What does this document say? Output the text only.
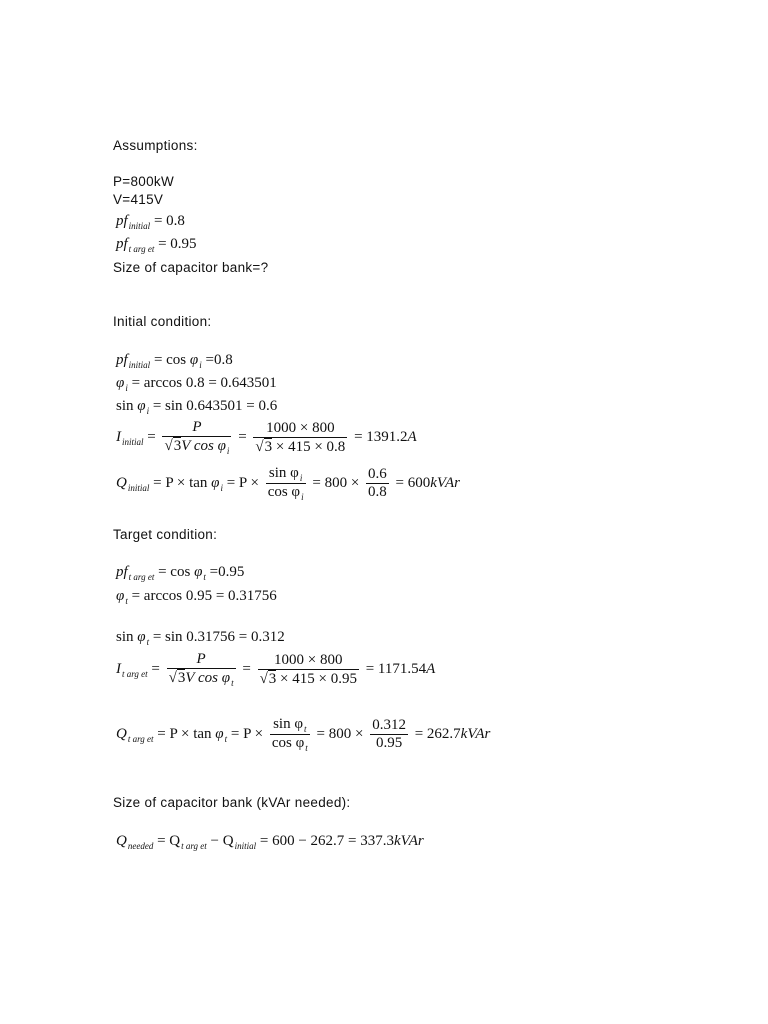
Assumptions:
P=800kW
V=415V
$pf_{initial} = 0.8$
$pf_{t arg et} = 0.95$
Size of capacitor bank=?
Initial condition:
$pf_{initial} = \cos \varphi_i =0.8$
$\varphi_i = \arccos 0.8 = 0.643501$
$\sin \varphi_i = \sin 0.643501 = 0.6$
$I_{initial} = \frac{P}{√3V \cos \varphi_i} = \frac{1000 \times 800}{√3 \times 415 \times 0.8} = 1391.2A$
$Q_{initial} = P \times \tan \varphi_i = P \times \frac{\sin \varphi_i}{\cos \varphi_i} = 800 \times \frac{0.6}{0.8}$ = 600kVAr
Target condition:
$pf_{t arg et} = \cos \varphi_t =0.95$
$\varphi_t = \arccos 0.95 = 0.31756$
$\sin \varphi_t = \sin 0.31756 = 0.312$
$I_{t arg et} = \frac{P}{√3V \cos \varphi_t} = \frac{1000 \times 800}{√3 \times 415 \times 0.95} = 1171.54A$
$Q_{t arg et} = P \times \tan \varphi_t = P \times \frac{\sin \varphi_t}{\cos \varphi_t} = 800 \times \frac{0.312}{0.95}$ = 262.7kVAr
Size of capacitor bank (kVAr needed):
$Q_{needed} = Q_{t arg et} - Q_{initial} = 600 - 262.7$ = 337.3kVAr
